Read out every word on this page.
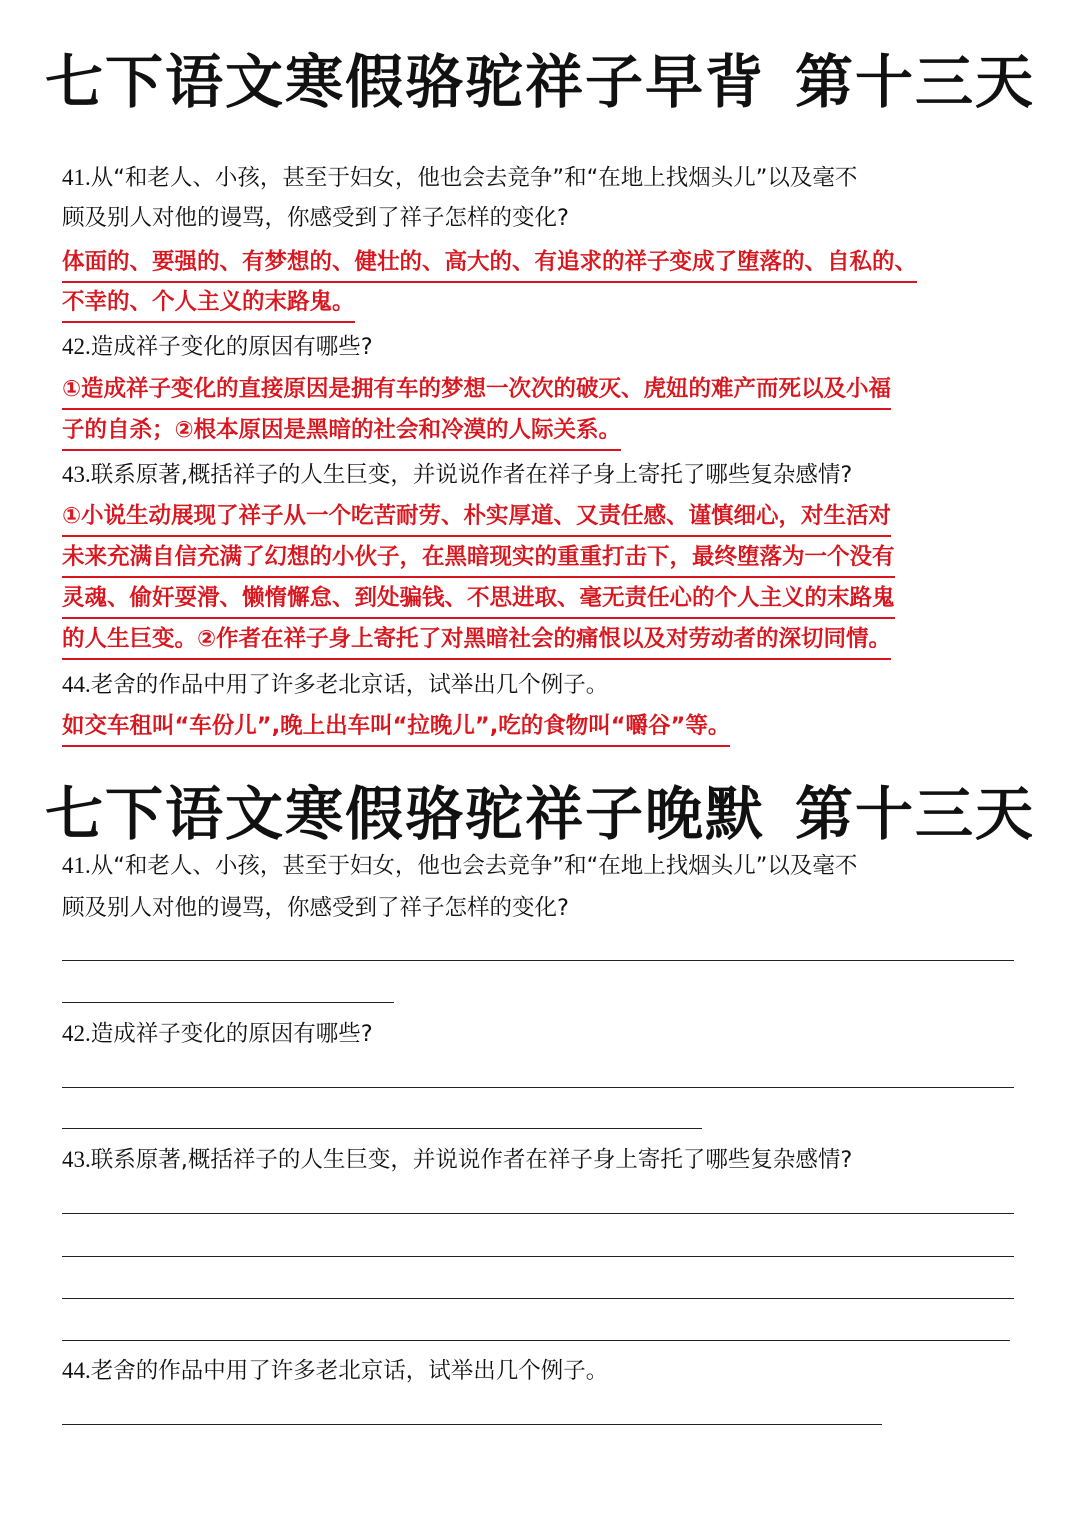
七下语文寒假骆驼祥子早背 第十三天
41.从“和老人、小孩，甚至于妇女，他也会去竞争”和“在地上找烟头儿”以及毫不
顾及别人对他的谩骂，你感受到了祥子怎样的变化?
体面的、要强的、有梦想的、健壮的、高大的、有追求的祥子变成了堕落的、自私的、
不幸的、个人主义的末路鬼。
42.造成祥子变化的原因有哪些?
①造成祥子变化的直接原因是拥有车的梦想一次次的破灭、虎妞的难产而死以及小福
子的自杀；②根本原因是黑暗的社会和冷漠的人际关系。
43.联系原著,概括祥子的人生巨变，并说说作者在祥子身上寄托了哪些复杂感情?
①小说生动展现了祥子从一个吃苦耐劳、朴实厚道、又责任感、谨慎细心，对生活对
未来充满自信充满了幻想的小伙子，在黑暗现实的重重打击下，最终堕落为一个没有
灵魂、偷奸耍滑、懒惰懈怠、到处骗钱、不思进取、毫无责任心的个人主义的末路鬼
的人生巨变。②作者在祥子身上寄托了对黑暗社会的痛恨以及对劳动者的深切同情。
44.老舍的作品中用了许多老北京话，试举出几个例子。
如交车租叫“车份儿”,晚上出车叫“拉晚儿”,吃的食物叫“嚼谷”等。
七下语文寒假骆驼祥子晚默 第十三天
41.从“和老人、小孩，甚至于妇女，他也会去竞争”和“在地上找烟头儿”以及毫不
顾及别人对他的谩骂，你感受到了祥子怎样的变化?
42.造成祥子变化的原因有哪些?
43.联系原著,概括祥子的人生巨变，并说说作者在祥子身上寄托了哪些复杂感情?
44.老舍的作品中用了许多老北京话，试举出几个例子。
